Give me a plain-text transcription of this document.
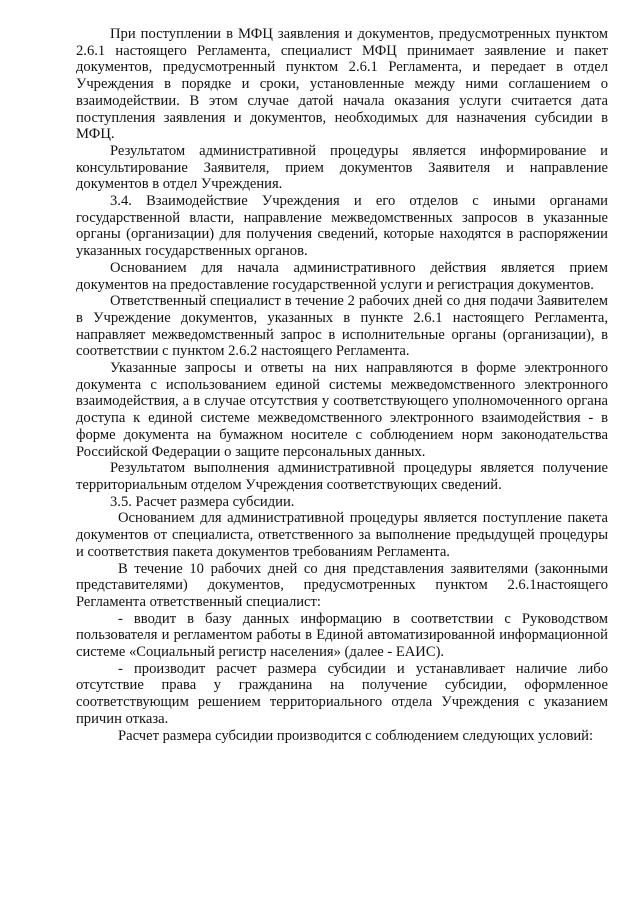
При поступлении в МФЦ заявления и документов, предусмотренных пунктом 2.6.1 настоящего Регламента, специалист МФЦ принимает заявление и пакет документов, предусмотренный пунктом 2.6.1 Регламента, и передает в отдел Учреждения в порядке и сроки, установленные между ними соглашением о взаимодействии. В этом случае датой начала оказания услуги считается дата поступления заявления и документов, необходимых для назначения субсидии в МФЦ.

Результатом административной процедуры является информирование и консультирование Заявителя, прием документов Заявителя и направление документов в отдел Учреждения.

3.4. Взаимодействие Учреждения и его отделов с иными органами государственной власти, направление межведомственных запросов в указанные органы (организации) для получения сведений, которые находятся в распоряжении указанных государственных органов.

Основанием для начала административного действия является прием документов на предоставление государственной услуги и регистрация документов.

Ответственный специалист в течение 2 рабочих дней со дня подачи Заявителем в Учреждение документов, указанных в пункте 2.6.1 настоящего Регламента, направляет межведомственный запрос в исполнительные органы (организации), в соответствии с пунктом 2.6.2 настоящего Регламента.

Указанные запросы и ответы на них направляются в форме электронного документа с использованием единой системы межведомственного электронного взаимодействия, а в случае отсутствия у соответствующего уполномоченного органа доступа к единой системе межведомственного электронного взаимодействия - в форме документа на бумажном носителе с соблюдением норм законодательства Российской Федерации о защите персональных данных.

Результатом выполнения административной процедуры является получение территориальным отделом Учреждения соответствующих сведений.

3.5. Расчет размера субсидии.

Основанием для административной процедуры является поступление пакета документов от специалиста, ответственного за выполнение предыдущей процедуры и соответствия пакета документов требованиям Регламента.

В течение 10 рабочих дней со дня представления заявителями (законными представителями) документов, предусмотренных пунктом 2.6.1настоящего Регламента ответственный специалист:

- вводит в базу данных информацию в соответствии с Руководством пользователя и регламентом работы в Единой автоматизированной информационной системе «Социальный регистр населения» (далее - ЕАИС).

- производит расчет размера субсидии и устанавливает наличие либо отсутствие права у гражданина на получение субсидии, оформленное соответствующим решением территориального отдела Учреждения с указанием причин отказа.

Расчет размера субсидии производится с соблюдением следующих условий:
